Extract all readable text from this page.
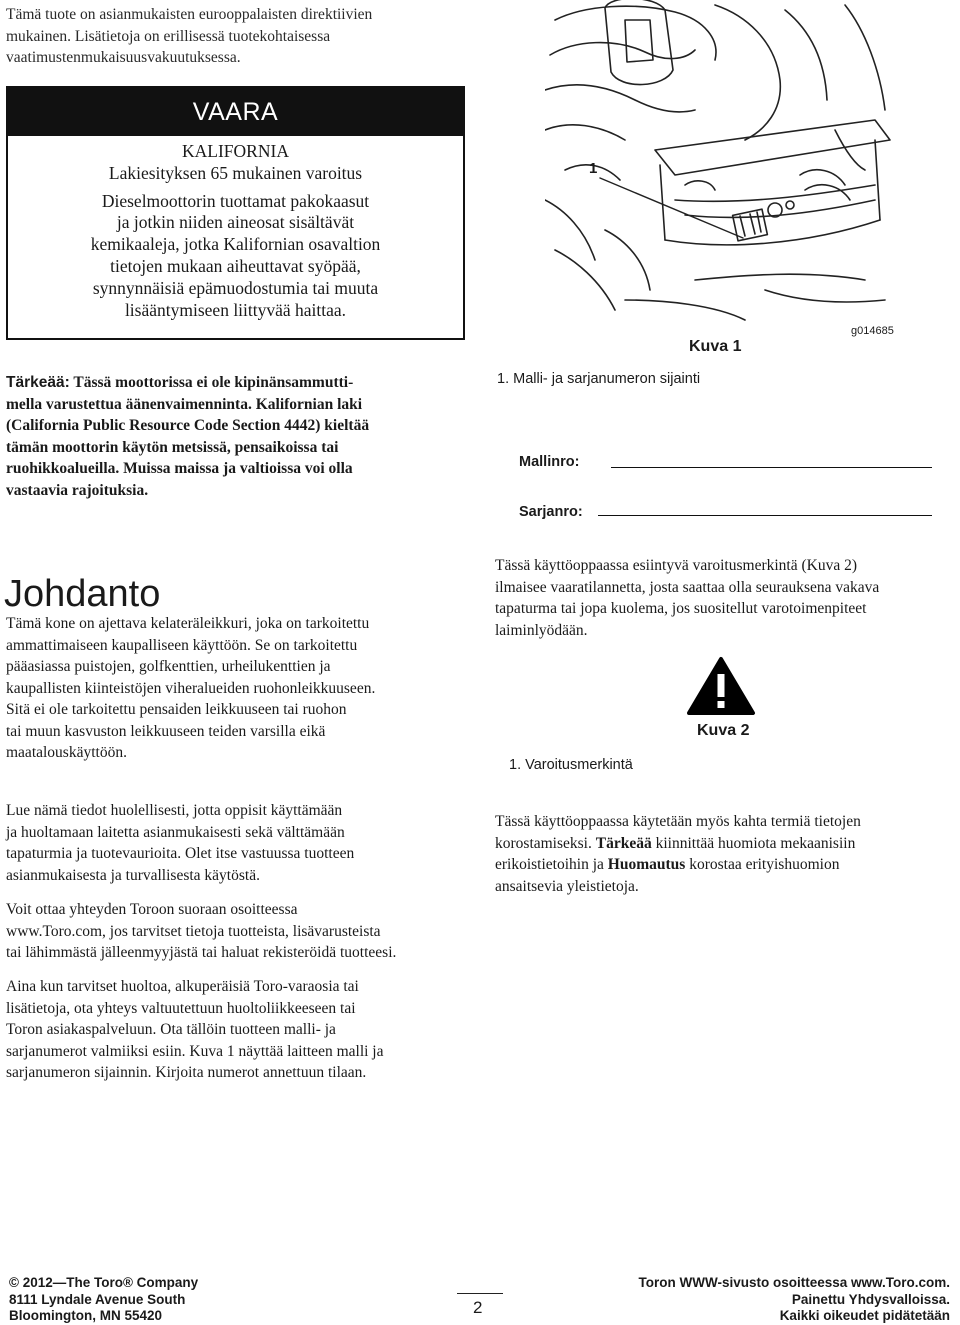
Tämä tuote on asianmukaisten eurooppalaisten direktiivien
mukainen. Lisätietoja on erillisessä tuotekohtaisessa
vaatimustenmukaisuusvakuutuksessa.
VAARA
KALIFORNIA
Lakiesityksen 65 mukainen varoitus
Dieselmoottorin tuottamat pakokaasut
ja jotkin niiden aineosat sisältävät
kemikaaleja, jotka Kalifornian osavaltion
tietojen mukaan aiheuttavat syöpää,
synnynnäisiä epämuodostumia tai muuta
lisääntymiseen liittyvää haittaa.
Tärkeää: Tässä moottorissa ei ole kipinänsammutti-
mella varustettua äänenvaimenninta. Kalifornian laki
(California Public Resource Code Section 4442) kieltää
tämän moottorin käytön metsissä, pensaikoissa tai
ruohikkoalueilla. Muissa maissa ja valtioissa voi olla
vastaavia rajoituksia.
1
g014685
Kuva 1
1. Malli- ja sarjanumeron sijainti
Mallinro:
Sarjanro:
Johdanto
Tämä kone on ajettava kelateräleikkuri, joka on tarkoitettu
ammattimaiseen kaupalliseen käyttöön. Se on tarkoitettu
pääasiassa puistojen, golfkenttien, urheilukenttien ja
kaupallisten kiinteistöjen viheralueiden ruohonleikkuuseen.
Sitä ei ole tarkoitettu pensaiden leikkuuseen tai ruohon
tai muun kasvuston leikkuuseen teiden varsilla eikä
maatalouskäyttöön.
Lue nämä tiedot huolellisesti, jotta oppisit käyttämään
ja huoltamaan laitetta asianmukaisesti sekä välttämään
tapaturmia ja tuotevaurioita. Olet itse vastuussa tuotteen
asianmukaisesta ja turvallisesta käytöstä.
Voit ottaa yhteyden Toroon suoraan osoitteessa
www.Toro.com, jos tarvitset tietoja tuotteista, lisävarusteista
tai lähimmästä jälleenmyyjästä tai haluat rekisteröidä tuotteesi.
Aina kun tarvitset huoltoa, alkuperäisiä Toro-varaosia tai
lisätietoja, ota yhteys valtuutettuun huoltoliikkeeseen tai
Toron asiakaspalveluun. Ota tällöin tuotteen malli- ja
sarjanumerot valmiiksi esiin. Kuva 1 näyttää laitteen malli ja
sarjanumeron sijainnin. Kirjoita numerot annettuun tilaan.
Tässä käyttöoppaassa esiintyvä varoitusmerkintä (Kuva 2)
ilmaisee vaaratilannetta, josta saattaa olla seurauksena vakava
tapaturma tai jopa kuolema, jos suositellut varotoimenpiteet
laiminlyödään.
Kuva 2
1. Varoitusmerkintä
Tässä käyttöoppaassa käytetään myös kahta termiä tietojen
korostamiseksi. Tärkeää kiinnittää huomiota mekaanisiin
erikoistietoihin ja Huomautus korostaa erityishuomion
ansaitsevia yleistietoja.
© 2012—The Toro® Company
8111 Lyndale Avenue South
Bloomington, MN 55420	2
Toron WWW-sivusto osoitteessa www.Toro.com.
Painettu Yhdysvalloissa.
Kaikki oikeudet pidätetään
